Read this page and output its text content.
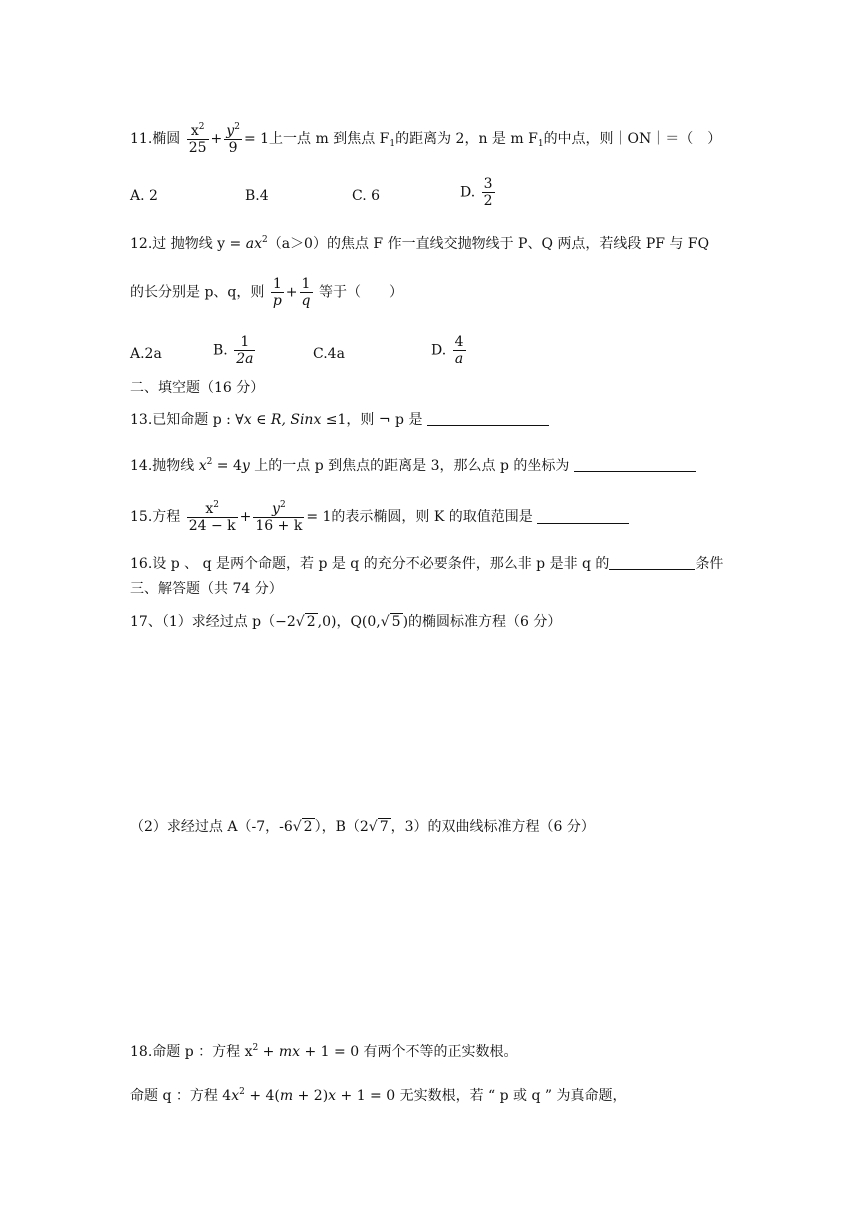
11.椭圆 $\frac{x^2}{25} + \frac{y^2}{9} = 1$上一点 m 到焦点 $F_1$的距离为 2，n 是 m $F_1$的中点，则｜ON｜＝（　）
A. 2	B.4	C. 6	D. $\frac{3}{2}$
12.过 抛物线 $y = ax^2(a>0)$的焦点 F 作一直线交抛物线于 P、Q 两点，若线段 PF 与 FQ
的长分别是 p、q，则 $\frac{1}{p} + \frac{1}{q}$ 等于（　　）
A.2a	B. $\frac{1}{2a}$	C.4a	D. $\frac{4}{a}$
二、填空题（16 分）
13.已知命题 p : ∀x ∈ R, Sinx ≤1，则 ¬ p 是
14.抛物线 $x^2 = 4y$ 上的一点 p 到焦点的距离是 3，那么点 p 的坐标为
15.方程 $\frac{x^2}{24 - k} + \frac{y^2}{16 + k} = 1$的表示椭圆，则 K 的取值范围是
16.设 p 、 q 是两个命题，若 p 是 q 的充分不必要条件，那么非 p 是非 q 的	条件
三、解答题（共 74 分）
17、（1）求经过点 p（−2√ 2 ,0)，Q(0,√ 5 )的椭圆标准方程（6 分）
（2）求经过点 A（-7，-6√ 2 ），B（2√ 7 ，3）的双曲线标准方程（6 分）
18.命题 p ：方程 $x^2$ + mx + 1 = 0 有两个不等的正实数根。
命题 q ：方程 $4x^2 + 4(m + 2)x + 1 = 0$ 无实数根，若 “ p 或 q ” 为真命题，
